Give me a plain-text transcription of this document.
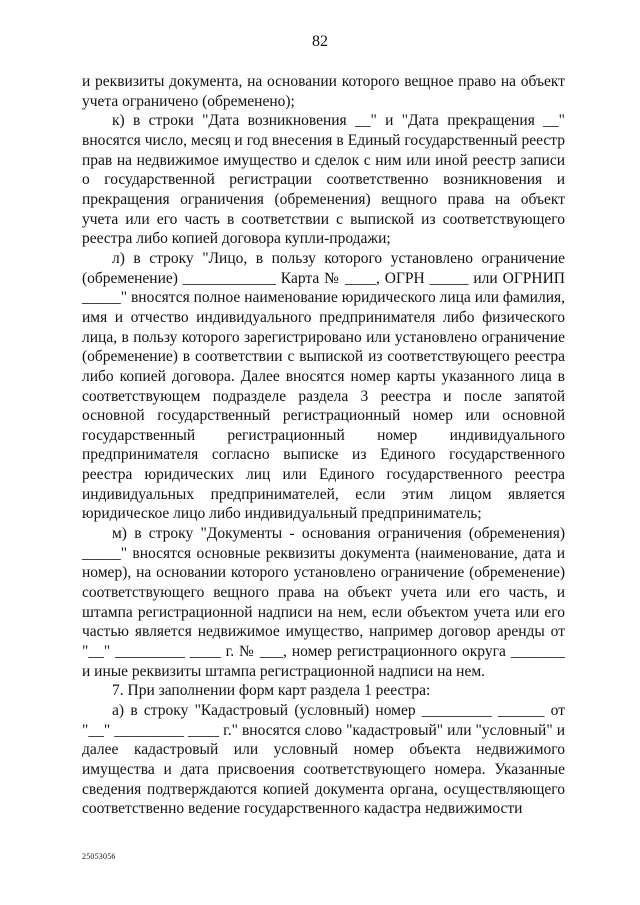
82

и реквизиты документа, на основании которого вещное право на объект учета ограничено (обременено);

к) в строки "Дата возникновения __" и "Дата прекращения __" вносятся число, месяц и год внесения в Единый государственный реестр прав на недвижимое имущество и сделок с ним или иной реестр записи о государственной регистрации соответственно возникновения и прекращения ограничения (обременения) вещного права на объект учета или его часть в соответствии с выпиской из соответствующего реестра либо копией договора купли-продажи;

л) в строку "Лицо, в пользу которого установлено ограничение (обременение) ____________ Карта № ____, ОГРН _____ или ОГРНИП _____" вносятся полное наименование юридического лица или фамилия, имя и отчество индивидуального предпринимателя либо физического лица, в пользу которого зарегистрировано или установлено ограничение (обременение) в соответствии с выпиской из соответствующего реестра либо копией договора. Далее вносятся номер карты указанного лица в соответствующем подразделе раздела 3 реестра и после запятой основной государственный регистрационный номер или основной государственный регистрационный номер индивидуального предпринимателя согласно выписке из Единого государственного реестра юридических лиц или Единого государственного реестра индивидуальных предпринимателей, если этим лицом является юридическое лицо либо индивидуальный предприниматель;

м) в строку "Документы - основания ограничения (обременения) _____" вносятся основные реквизиты документа (наименование, дата и номер), на основании которого установлено ограничение (обременение) соответствующего вещного права на объект учета или его часть, и штампа регистрационной надписи на нем, если объектом учета или его частью является недвижимое имущество, например договор аренды от "__" _________ ____ г. № ___, номер регистрационного округа _______ и иные реквизиты штампа регистрационной надписи на нем.

7. При заполнении форм карт раздела 1 реестра:

а) в строку "Кадастровый (условный) номер _________ ______ от "__" _________ ____ г." вносятся слово "кадастровый" или "условный" и далее кадастровый или условный номер объекта недвижимого имущества и дата присвоения соответствующего номера. Указанные сведения подтверждаются копией документа органа, осуществляющего соответственно ведение государственного кадастра недвижимости

25053056
